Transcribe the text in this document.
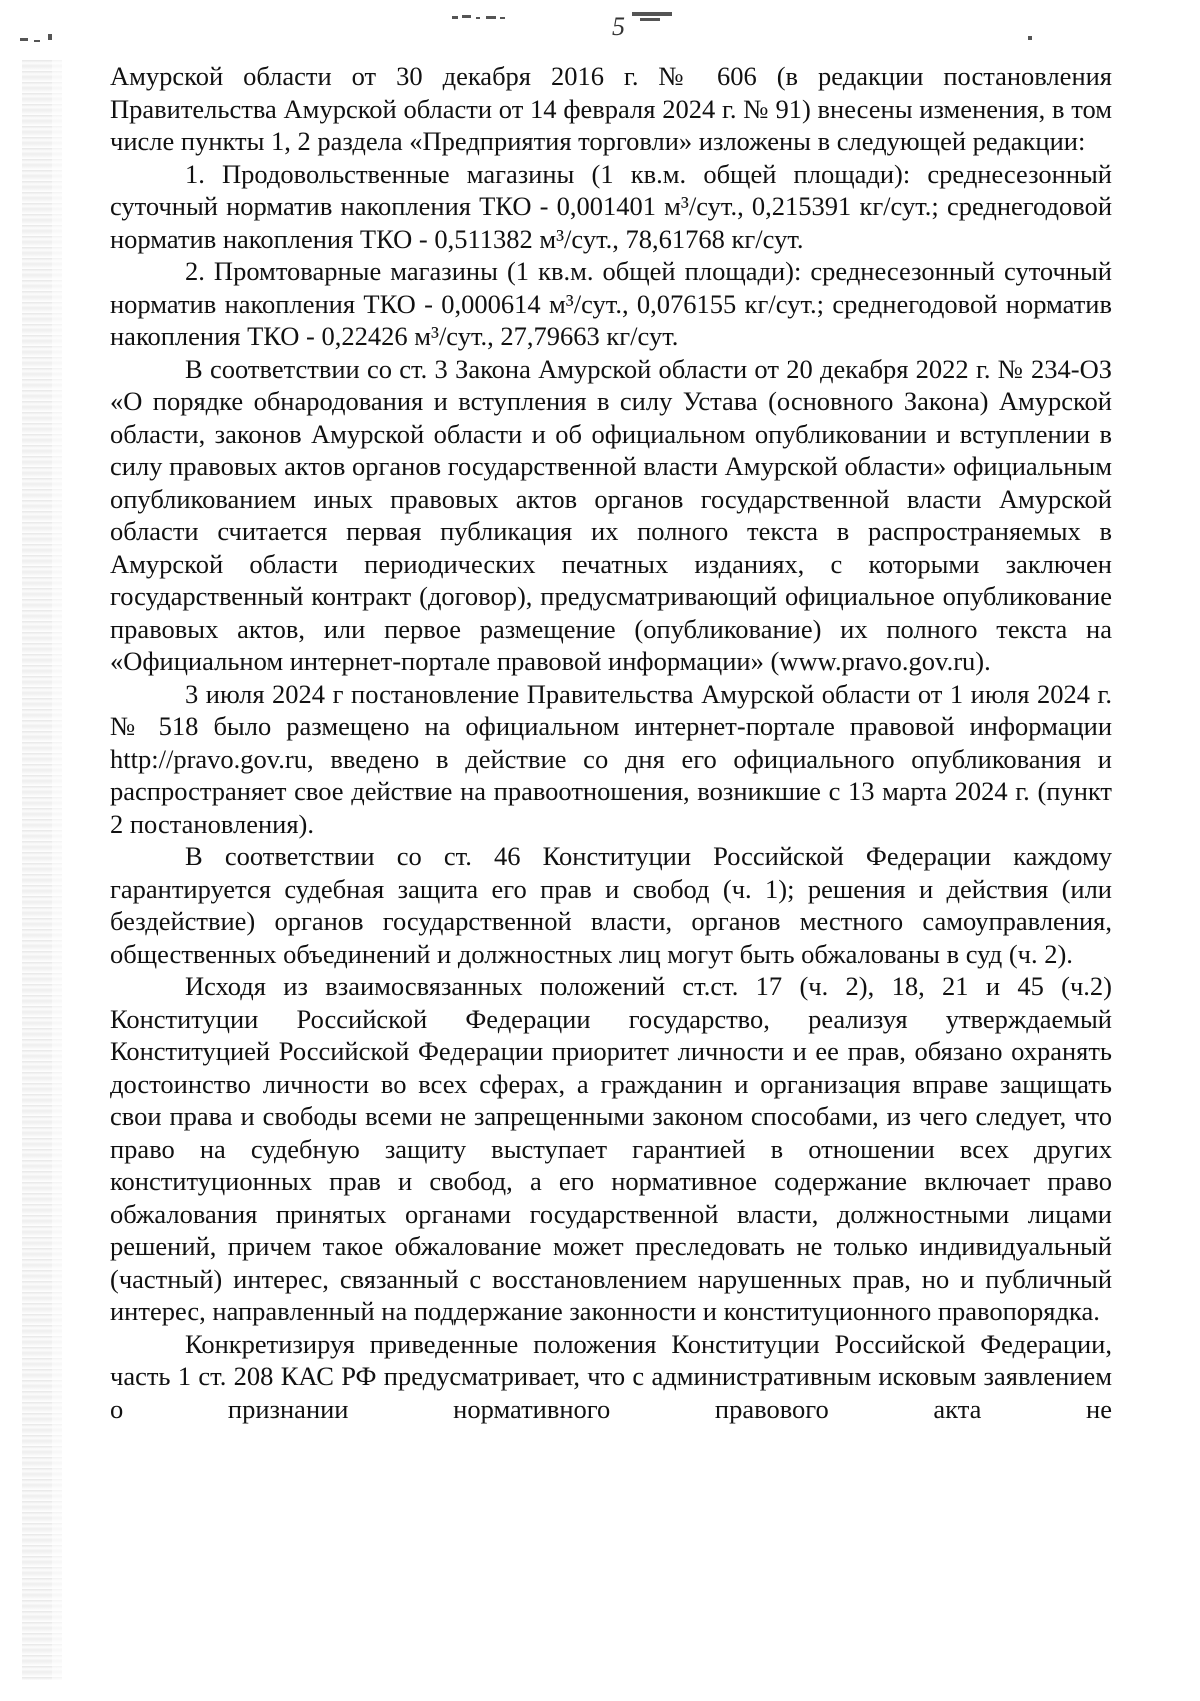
5

Амурской области от 30 декабря 2016 г. № 606 (в редакции постановления Правительства Амурской области от 14 февраля 2024 г. № 91) внесены изменения, в том числе пункты 1, 2 раздела «Предприятия торговли» изложены в следующей редакции:

1. Продовольственные магазины (1 кв.м. общей площади): среднесезонный суточный норматив накопления ТКО - 0,001401 м³/сут., 0,215391 кг/сут.; среднегодовой норматив накопления ТКО - 0,511382 м³/сут., 78,61768 кг/сут.

2. Промтоварные магазины (1 кв.м. общей площади): среднесезонный суточный норматив накопления ТКО - 0,000614 м³/сут., 0,076155 кг/сут.; среднегодовой норматив накопления ТКО - 0,22426 м³/сут., 27,79663 кг/сут.

В соответствии со ст. 3 Закона Амурской области от 20 декабря 2022 г. № 234-ОЗ «О порядке обнародования и вступления в силу Устава (основного Закона) Амурской области, законов Амурской области и об официальном опубликовании и вступлении в силу правовых актов органов государственной власти Амурской области» официальным опубликованием иных правовых актов органов государственной власти Амурской области считается первая публикация их полного текста в распространяемых в Амурской области периодических печатных изданиях, с которыми заключен государственный контракт (договор), предусматривающий официальное опубликование правовых актов, или первое размещение (опубликование) их полного текста на «Официальном интернет-портале правовой информации» (www.pravo.gov.ru).

3 июля 2024 г постановление Правительства Амурской области от 1 июля 2024 г. № 518 было размещено на официальном интернет-портале правовой информации http://pravo.gov.ru, введено в действие со дня его официального опубликования и распространяет свое действие на правоотношения, возникшие с 13 марта 2024 г. (пункт 2 постановления).

В соответствии со ст. 46 Конституции Российской Федерации каждому гарантируется судебная защита его прав и свобод (ч. 1); решения и действия (или бездействие) органов государственной власти, органов местного самоуправления, общественных объединений и должностных лиц могут быть обжалованы в суд (ч. 2).

Исходя из взаимосвязанных положений ст.ст. 17 (ч. 2), 18, 21 и 45 (ч.2) Конституции Российской Федерации государство, реализуя утверждаемый Конституцией Российской Федерации приоритет личности и ее прав, обязано охранять достоинство личности во всех сферах, а гражданин и организация вправе защищать свои права и свободы всеми не запрещенными законом способами, из чего следует, что право на судебную защиту выступает гарантией в отношении всех других конституционных прав и свобод, а его нормативное содержание включает право обжалования принятых органами государственной власти, должностными лицами решений, причем такое обжалование может преследовать не только индивидуальный (частный) интерес, связанный с восстановлением нарушенных прав, но и публичный интерес, направленный на поддержание законности и конституционного правопорядка.

Конкретизируя приведенные положения Конституции Российской Федерации, часть 1 ст. 208 КАС РФ предусматривает, что с административным исковым заявлением о признании нормативного правового акта не
